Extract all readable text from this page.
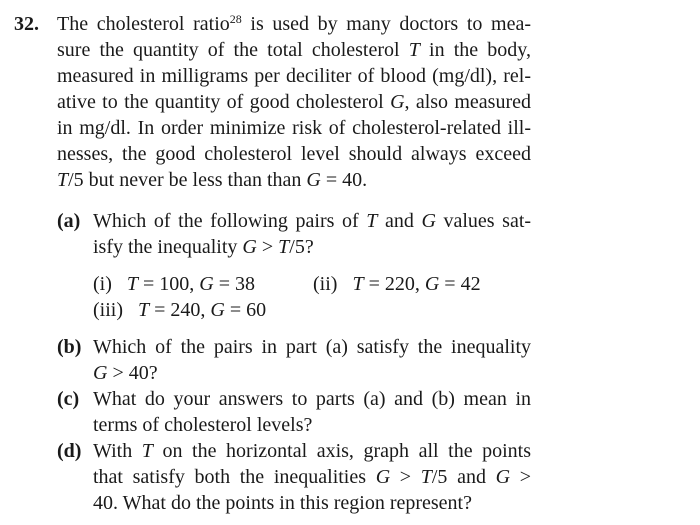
32. The cholesterol ratio$^{28}$ is used by many doctors to mea-
sure the quantity of the total cholesterol T in the body,
measured in milligrams per deciliter of blood (mg/dl), rel-
ative to the quantity of good cholesterol G, also measured
in mg/dl. In order minimize risk of cholesterol-related ill-
nesses, the good cholesterol level should always exceed
T/5 but never be less than than G = 40.
(a) Which of the following pairs of T and G values sat-
isfy the inequality G > T/5?
(i) T = 100, G = 38	(ii) T = 220, G = 42
(iii) T = 240, G = 60
(b) Which of the pairs in part (a) satisfy the inequality
G > 40?
(c) What do your answers to parts (a) and (b) mean in
terms of cholesterol levels?
(d) With T on the horizontal axis, graph all the points
that satisfy both the inequalities G > T/5 and G >
40. What do the points in this region represent?
